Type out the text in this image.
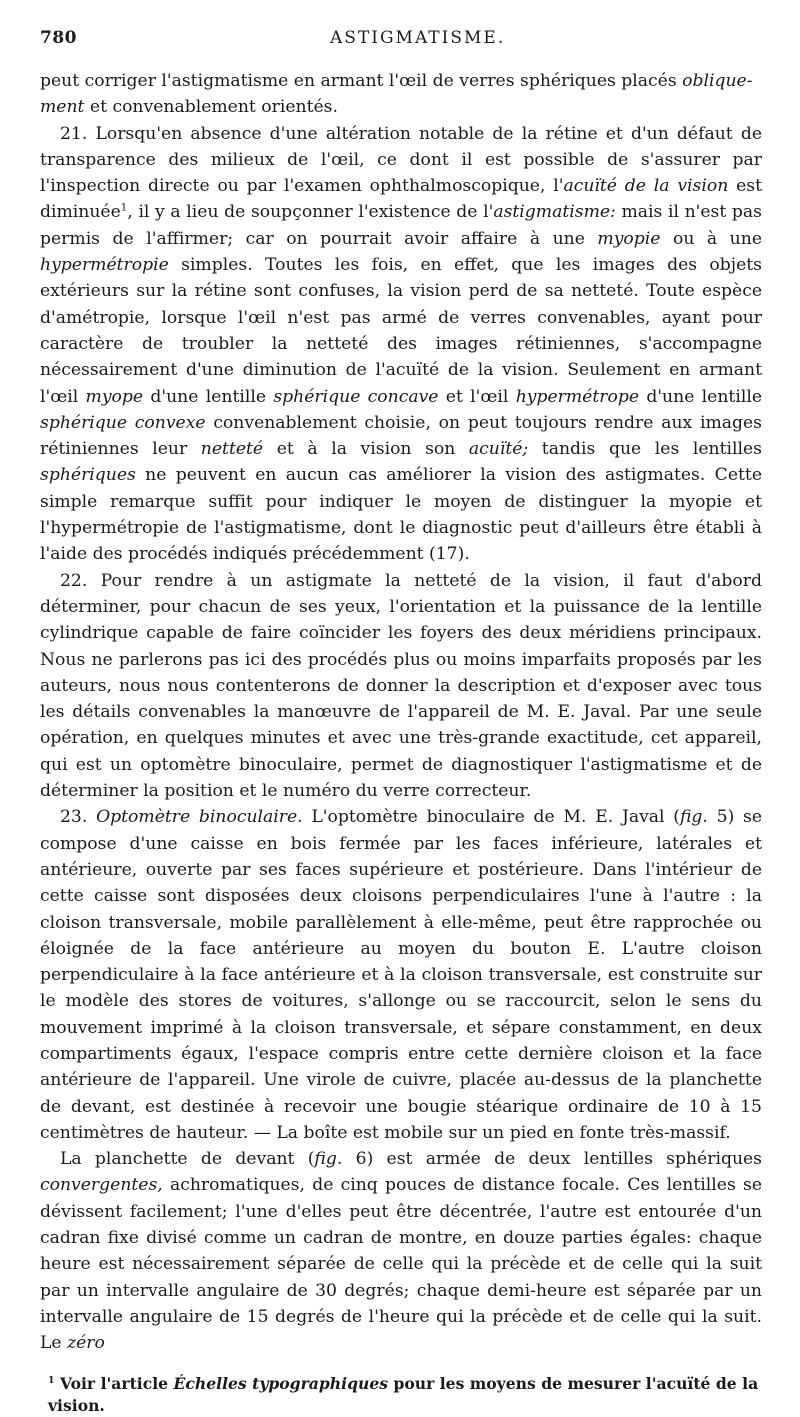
780	ASTIGMATISME.

peut corriger l'astigmatisme en armant l'œil de verres sphériques placés oblique-
ment et convenablement orientés.

21. Lorsqu'en absence d'une altération notable de la rétine et d'un défaut de transparence des milieux de l'œil, ce dont il est possible de s'assurer par l'inspection directe ou par l'examen ophthalmoscopique, l'acuïté de la vision est diminuée$^1$, il y a lieu de soupçonner l'existence de l'astigmatisme: mais il n'est pas permis de l'affirmer; car on pourrait avoir affaire à une myopie ou à une hypermétropie simples. Toutes les fois, en effet, que les images des objets extérieurs sur la rétine sont confuses, la vision perd de sa netteté. Toute espèce d'amétropie, lorsque l'œil n'est pas armé de verres convenables, ayant pour caractère de troubler la netteté des images rétiniennes, s'accompagne nécessairement d'une diminution de l'acuïté de la vision. Seulement en armant l'œil myope d'une lentille sphérique concave et l'œil hypermétrope d'une lentille sphérique convexe convenablement choisie, on peut toujours rendre aux images rétiniennes leur netteté et à la vision son acuïté; tandis que les lentilles sphériques ne peuvent en aucun cas améliorer la vision des astigmates. Cette simple remarque suffit pour indiquer le moyen de distinguer la myopie et l'hypermétropie de l'astigmatisme, dont le diagnostic peut d'ailleurs être établi à l'aide des procédés indiqués précédemment (17).

22. Pour rendre à un astigmate la netteté de la vision, il faut d'abord déterminer, pour chacun de ses yeux, l'orientation et la puissance de la lentille cylindrique capable de faire coïncider les foyers des deux méridiens principaux. Nous ne parlerons pas ici des procédés plus ou moins imparfaits proposés par les auteurs, nous nous contenterons de donner la description et d'exposer avec tous les détails convenables la manœuvre de l'appareil de M. E. Javal. Par une seule opération, en quelques minutes et avec une très-grande exactitude, cet appareil, qui est un optomètre binoculaire, permet de diagnostiquer l'astigmatisme et de déterminer la position et le numéro du verre correcteur.

23. Optomètre binoculaire. L'optomètre binoculaire de M. E. Javal (fig. 5) se compose d'une caisse en bois fermée par les faces inférieure, latérales et antérieure, ouverte par ses faces supérieure et postérieure. Dans l'intérieur de cette caisse sont disposées deux cloisons perpendiculaires l'une à l'autre : la cloison transversale, mobile parallèlement à elle-même, peut être rapprochée ou éloignée de la face antérieure au moyen du bouton E. L'autre cloison perpendiculaire à la face antérieure et à la cloison transversale, est construite sur le modèle des stores de voitures, s'allonge ou se raccourcit, selon le sens du mouvement imprimé à la cloison transversale, et sépare constamment, en deux compartiments égaux, l'espace compris entre cette dernière cloison et la face antérieure de l'appareil. Une virole de cuivre, placée au-dessus de la planchette de devant, est destinée à recevoir une bougie stéarique ordinaire de 10 à 15 centimètres de hauteur. — La boîte est mobile sur un pied en fonte très-massif.

La planchette de devant (fig. 6) est armée de deux lentilles sphériques convergentes, achromatiques, de cinq pouces de distance focale. Ces lentilles se dévissent facilement; l'une d'elles peut être décentrée, l'autre est entourée d'un cadran fixe divisé comme un cadran de montre, en douze parties égales: chaque heure est nécessairement séparée de celle qui la précède et de celle qui la suit par un intervalle angulaire de 30 degrés; chaque demi-heure est séparée par un intervalle angulaire de 15 degrés de l'heure qui la précède et de celle qui la suit. Le zéro

$^1$ Voir l'article Échelles typographiques pour les moyens de mesurer l'acuïté de la vision.
